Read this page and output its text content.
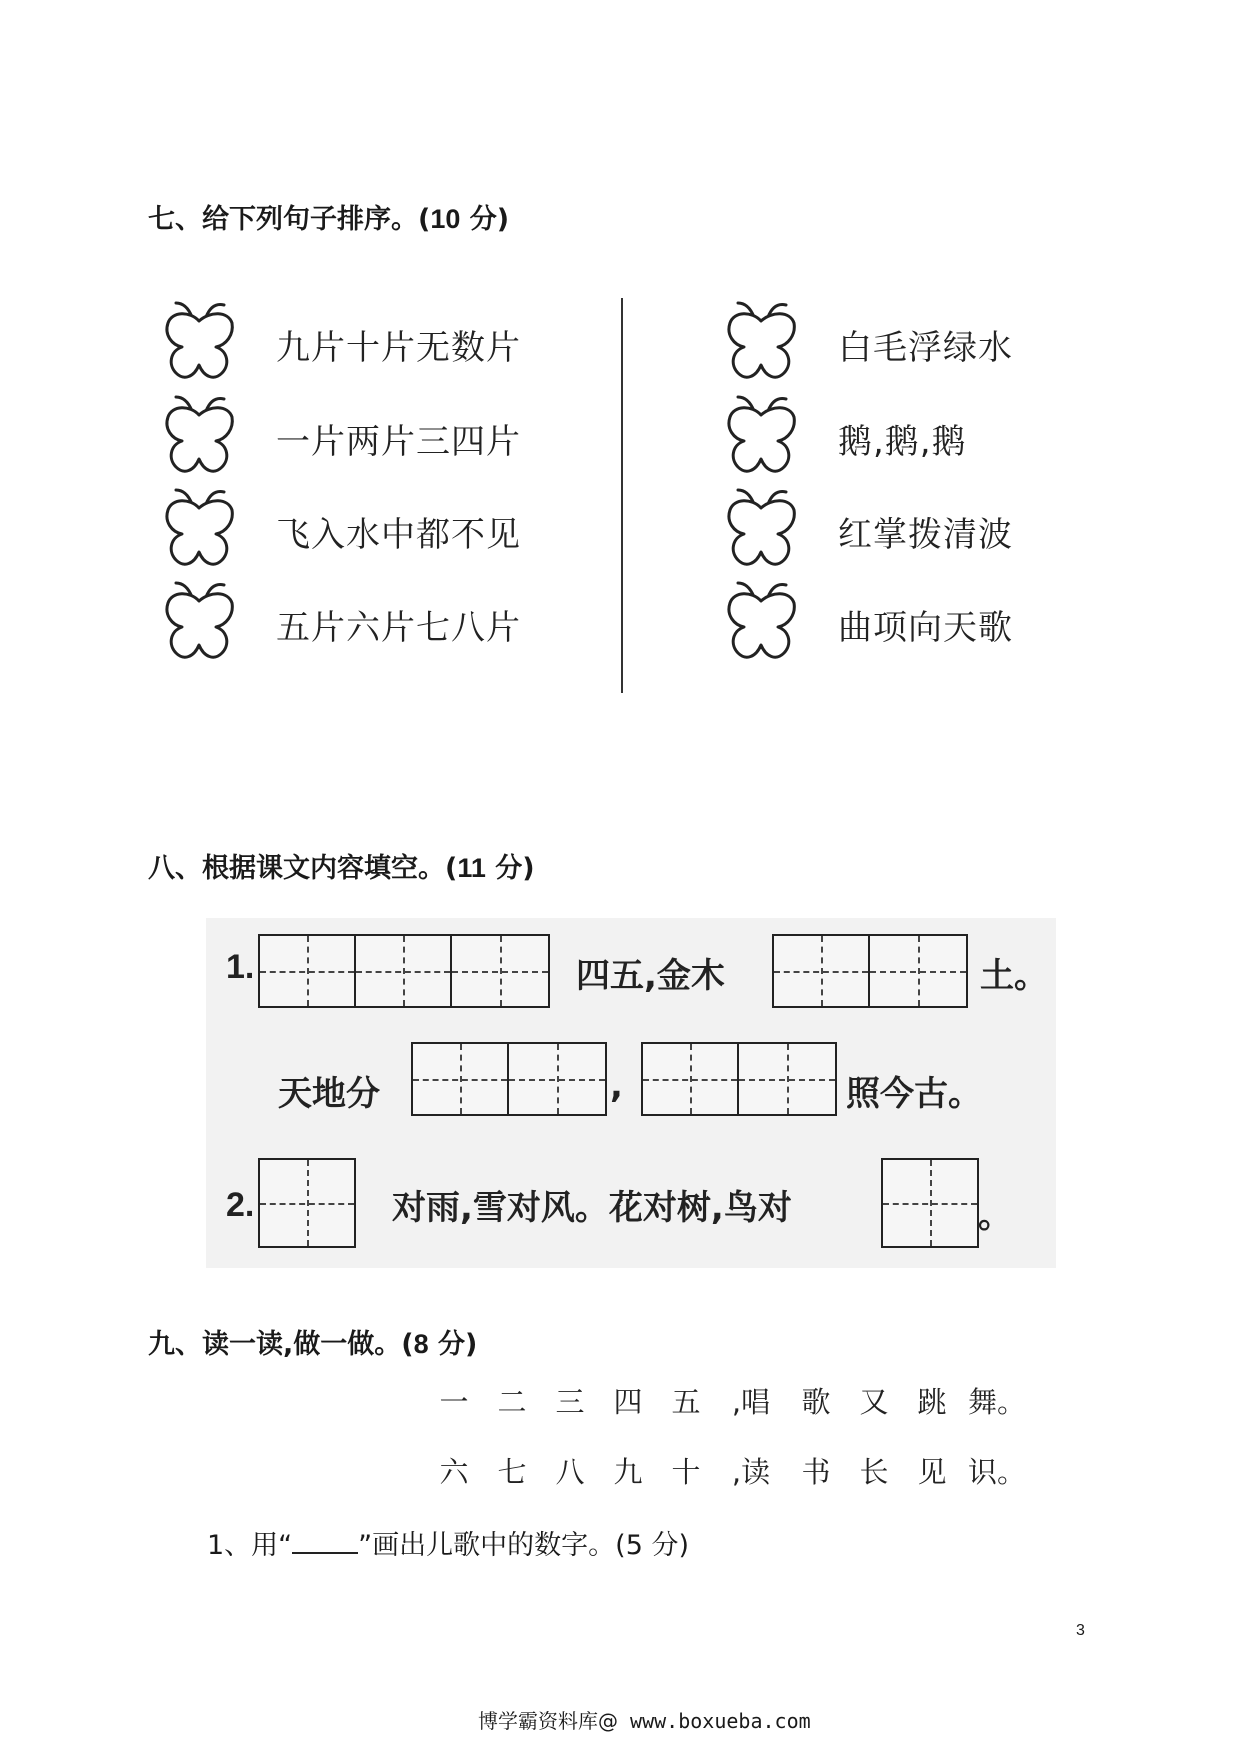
七、给下列句子排序。(10 分)
九片十片无数片
一片两片三四片
飞入水中都不见
五片六片七八片
白毛浮绿水
鹅,鹅,鹅
红掌拨清波
曲项向天歌
八、根据课文内容填空。(11 分)
1.	四五,金木	土。
天地分	,	照今古。
2.	对雨,雪对风。花对树,鸟对	。
九、读一读,做一做。(8 分)
一 二 三 四 五 ,唱 歌 又 跳 舞。
六 七 八 九 十 ,读 书 长 见 识。
1、用“ ”画出儿歌中的数字。(5 分)
3
博学霸资料库@ www.boxueba.com
